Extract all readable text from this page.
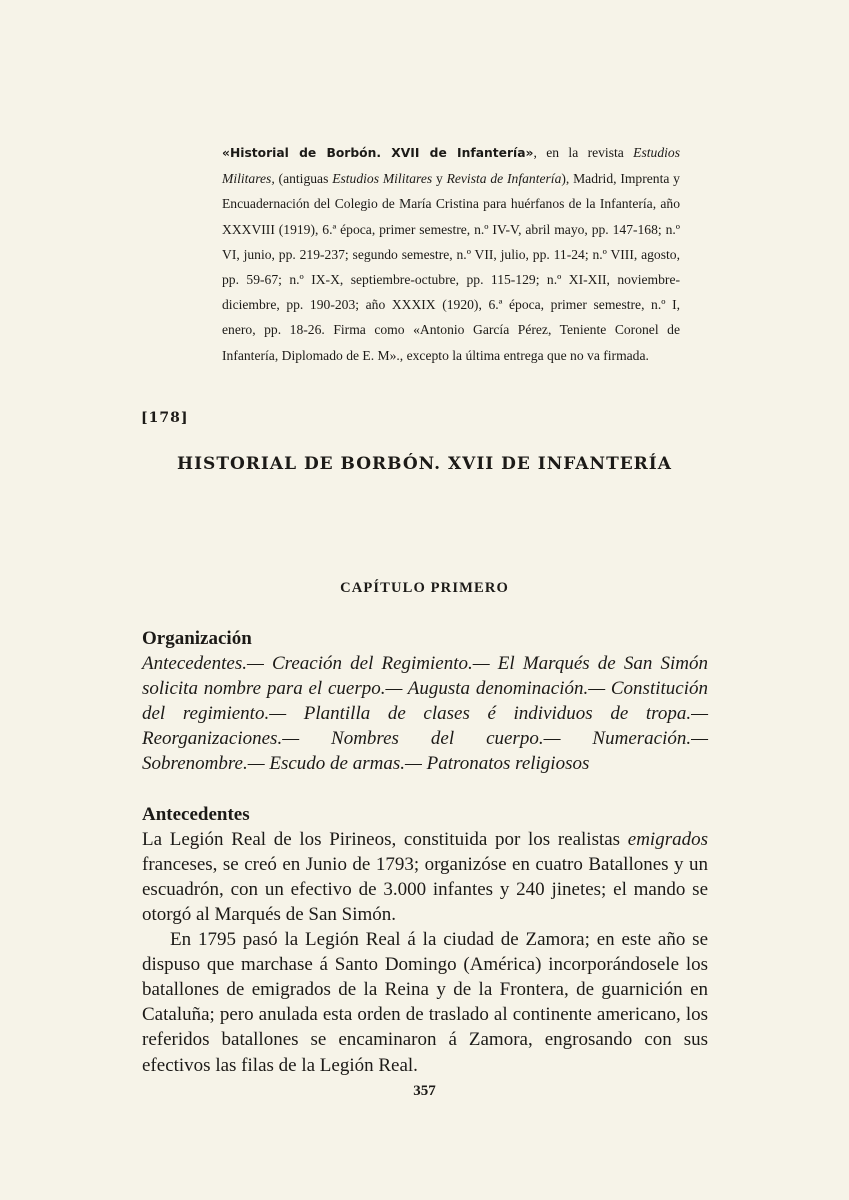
«Historial de Borbón. XVII de Infantería», en la revista Estudios Militares, (antiguas Estudios Militares y Revista de Infantería), Madrid, Imprenta y Encuadernación del Colegio de María Cristina para huérfanos de la Infantería, año XXXVIII (1919), 6.ª época, primer semestre, n.º IV-V, abril mayo, pp. 147-168; n.º VI, junio, pp. 219-237; segundo semestre, n.º VII, julio, pp. 11-24; n.º VIII, agosto, pp. 59-67; n.º IX-X, septiembre-octubre, pp. 115-129; n.º XI-XII, noviembre-diciembre, pp. 190-203; año XXXIX (1920), 6.ª época, primer semestre, n.º I, enero, pp. 18-26. Firma como «Antonio García Pérez, Teniente Coronel de Infantería, Diplomado de E. M»., excepto la última entrega que no va firmada.

[178]
HISTORIAL DE BORBÓN. XVII DE INFANTERÍA
CAPÍTULO PRIMERO

Organización

Antecedentes.— Creación del Regimiento.— El Marqués de San Simón solicita nombre para el cuerpo.— Augusta denominación.— Constitución del regimiento.— Plantilla de clases é individuos de tropa.— Reorganizaciones.— Nombres del cuerpo.— Numeración.— Sobrenombre.— Escudo de armas.— Patronatos religiosos

Antecedentes

La Legión Real de los Pirineos, constituida por los realistas emigrados franceses, se creó en Junio de 1793; organizóse en cuatro Batallones y un escuadrón, con un efectivo de 3.000 infantes y 240 jinetes; el mando se otorgó al Marqués de San Simón.

En 1795 pasó la Legión Real á la ciudad de Zamora; en este año se dispuso que marchase á Santo Domingo (América) incorporándosele los batallones de emigrados de la Reina y de la Frontera, de guarnición en Cataluña; pero anulada esta orden de traslado al continente americano, los referidos batallones se encaminaron á Zamora, engrosando con sus efectivos las filas de la Legión Real.

357
